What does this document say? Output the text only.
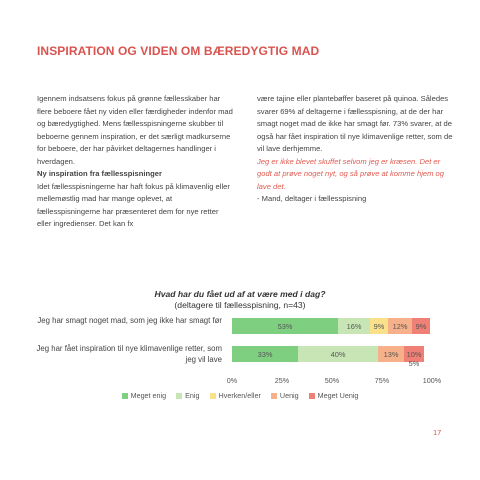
INSPIRATION OG VIDEN OM BÆREDYGTIG MAD

Igennem indsatsens fokus på grønne fællesskaber har flere beboere fået ny viden eller færdigheder indenfor mad og bæredygtighed. Mens fællesspisningerne skubber til beboerne gennem inspiration, er det særligt madkurserne for beboere, der har påvirket deltagernes handlinger i hverdagen.

Ny inspiration fra fællesspisninger

Idet fællesspisningerne har haft fokus på klimavenlig eller mellemøstlig mad har mange oplevet, at fællesspisningerne har præsenteret dem for nye retter eller ingredienser. Det kan fx

være tajine eller plantebøffer baseret på quinoa. Således svarer 69% af deltagerne i fællesspisning, at de der har smagt noget mad de ikke har smagt før. 73% svarer, at de også har fået inspiration til nye klimavenlige retter, som de vil lave derhjemme.

Jeg er ikke blevet skuffet selvom jeg er kræsen. Det er godt at prøve noget nyt, og så prøve at komme hjem og lave det.

- Mand, deltager i fællesspisning

Hvad har du fået ud af at være med i dag?
(deltagere til fællesspisning, n=43)
Jeg har smagt noget mad, som jeg ikke har smagt før
Jeg har fået inspiration til nye klimavenlige retter, som jeg vil lave
53%	16%	9%	12%	9%
33%	40%	13%	10% 5%
0%	25%	50%	75%	100%
Meget enig	Enig	Hverken/eller	Uenig	Meget Uenig
17
